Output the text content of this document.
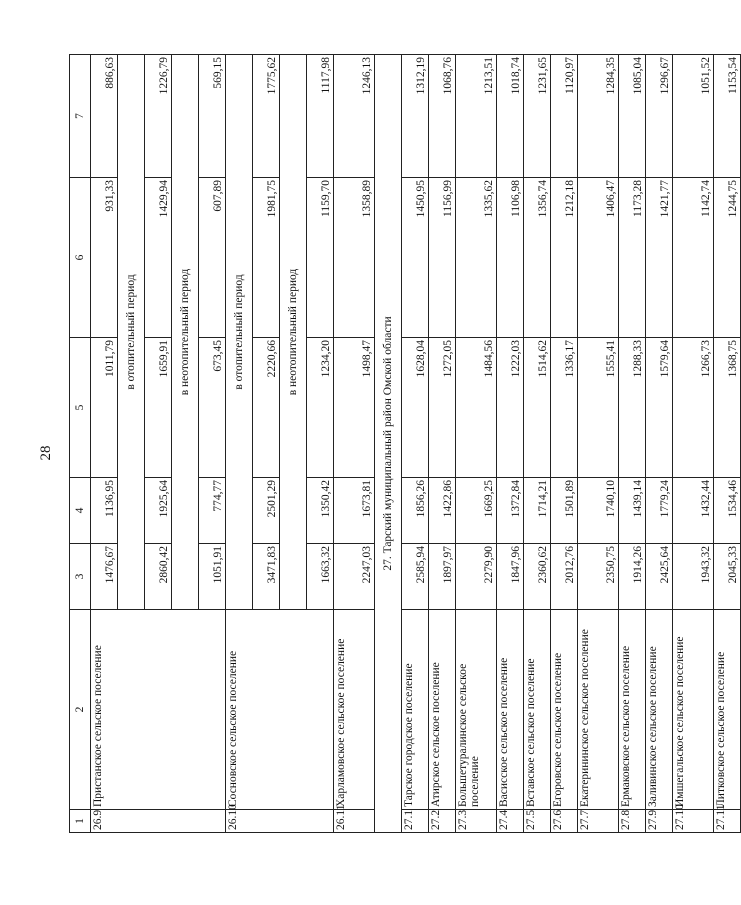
28
1	2	3	4	5	6	7
26.9	Пристанское сельское поселение	1476,67	1136,95	1011,79	931,33	886,63
		в отопительный период				
		2860,42	1925,64	1659,91	1429,94	1226,79
		в неотопительный период				
		1051,91	774,77	673,45	607,89	569,15
26.10	Сосновское сельское поселение	в отопительный период				
		3471,83	2501,29	2220,66	1981,75	1775,62
		в неотопительный период				
		1663,32	1350,42	1234,20	1159,70	1117,98
26.11	Харламовское сельское поселение	2247,03	1673,81	1498,47	1358,89	1246,13
27. Тарский муниципальный район Омской области						
27.1	Тарское городское поселение	2585,94	1856,26	1628,04	1450,95	1312,19
27.2	Атирское сельское поселение	1897,97	1422,86	1272,05	1156,99	1068,76
27.3	Большетуралинское сельское поселение	2279,90	1669,25	1484,56	1335,62	1213,51
27.4	Васисское сельское поселение	1847,96	1372,84	1222,03	1106,98	1018,74
27.5	Вставское сельское поселение	2360,62	1714,21	1514,62	1356,74	1231,65
27.6	Егоровское сельское поселение	2012,76	1501,89	1336,17	1212,18	1120,97
27.7	Екатерининское сельское поселение	2350,75	1740,10	1555,41	1406,47	1284,35
27.8	Ермаковское сельское поселение	1914,26	1439,14	1288,33	1173,28	1085,04
27.9	Заливинское сельское поселение	2425,64	1779,24	1579,64	1421,77	1296,67
27.10	Имшегальское сельское поселение	1943,32	1432,44	1266,73	1142,74	1051,52
27.11	Литковское сельское поселение	2045,33	1534,46	1368,75	1244,75	1153,54
